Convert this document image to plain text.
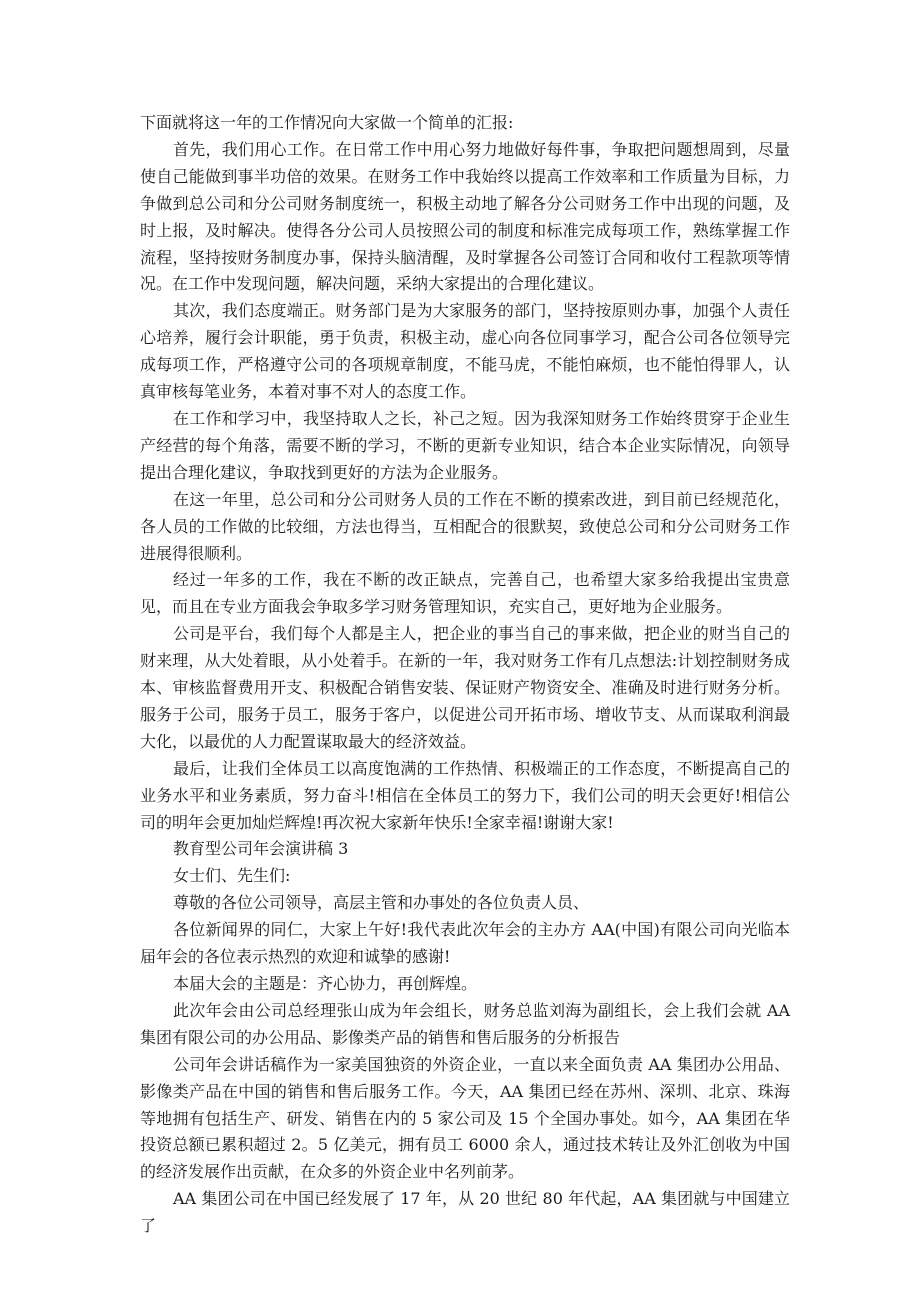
下面就将这一年的工作情况向大家做一个简单的汇报:

首先，我们用心工作。在日常工作中用心努力地做好每件事，争取把问题想周到，尽量使自己能做到事半功倍的效果。在财务工作中我始终以提高工作效率和工作质量为目标，力争做到总公司和分公司财务制度统一，积极主动地了解各分公司财务工作中出现的问题，及时上报，及时解决。使得各分公司人员按照公司的制度和标准完成每项工作，熟练掌握工作流程，坚持按财务制度办事，保持头脑清醒，及时掌握各公司签订合同和收付工程款项等情况。在工作中发现问题，解决问题，采纳大家提出的合理化建议。

其次，我们态度端正。财务部门是为大家服务的部门，坚持按原则办事，加强个人责任心培养，履行会计职能，勇于负责，积极主动，虚心向各位同事学习，配合公司各位领导完成每项工作，严格遵守公司的各项规章制度，不能马虎，不能怕麻烦，也不能怕得罪人，认真审核每笔业务，本着对事不对人的态度工作。

在工作和学习中，我坚持取人之长，补己之短。因为我深知财务工作始终贯穿于企业生产经营的每个角落，需要不断的学习，不断的更新专业知识，结合本企业实际情况，向领导提出合理化建议，争取找到更好的方法为企业服务。

在这一年里，总公司和分公司财务人员的工作在不断的摸索改进，到目前已经规范化，各人员的工作做的比较细，方法也得当，互相配合的很默契，致使总公司和分公司财务工作进展得很顺利。

经过一年多的工作，我在不断的改正缺点，完善自己，也希望大家多给我提出宝贵意见，而且在专业方面我会争取多学习财务管理知识，充实自己，更好地为企业服务。

公司是平台，我们每个人都是主人，把企业的事当自己的事来做，把企业的财当自己的财来理，从大处着眼，从小处着手。在新的一年，我对财务工作有几点想法:计划控制财务成本、审核监督费用开支、积极配合销售安装、保证财产物资安全、准确及时进行财务分析。服务于公司，服务于员工，服务于客户，以促进公司开拓市场、增收节支、从而谋取利润最大化，以最优的人力配置谋取最大的经济效益。

最后，让我们全体员工以高度饱满的工作热情、积极端正的工作态度，不断提高自己的业务水平和业务素质，努力奋斗!相信在全体员工的努力下，我们公司的明天会更好!相信公司的明年会更加灿烂辉煌!再次祝大家新年快乐!全家幸福!谢谢大家!

教育型公司年会演讲稿 3

女士们、先生们:

尊敬的各位公司领导，高层主管和办事处的各位负责人员、

各位新闻界的同仁，大家上午好!我代表此次年会的主办方 AA(中国)有限公司向光临本届年会的各位表示热烈的欢迎和诚挚的感谢!

本届大会的主题是：齐心协力，再创辉煌。

此次年会由公司总经理张山成为年会组长，财务总监刘海为副组长，会上我们会就 AA集团有限公司的办公用品、影像类产品的销售和售后服务的分析报告

公司年会讲话稿作为一家美国独资的外资企业，一直以来全面负责 AA 集团办公用品、影像类产品在中国的销售和售后服务工作。今天，AA 集团已经在苏州、深圳、北京、珠海等地拥有包括生产、研发、销售在内的 5 家公司及 15 个全国办事处。如今，AA 集团在华投资总额已累积超过 2。5 亿美元，拥有员工 6000 余人，通过技术转让及外汇创收为中国的经济发展作出贡献，在众多的外资企业中名列前茅。

AA 集团公司在中国已经发展了 17 年，从 20 世纪 80 年代起，AA 集团就与中国建立了
